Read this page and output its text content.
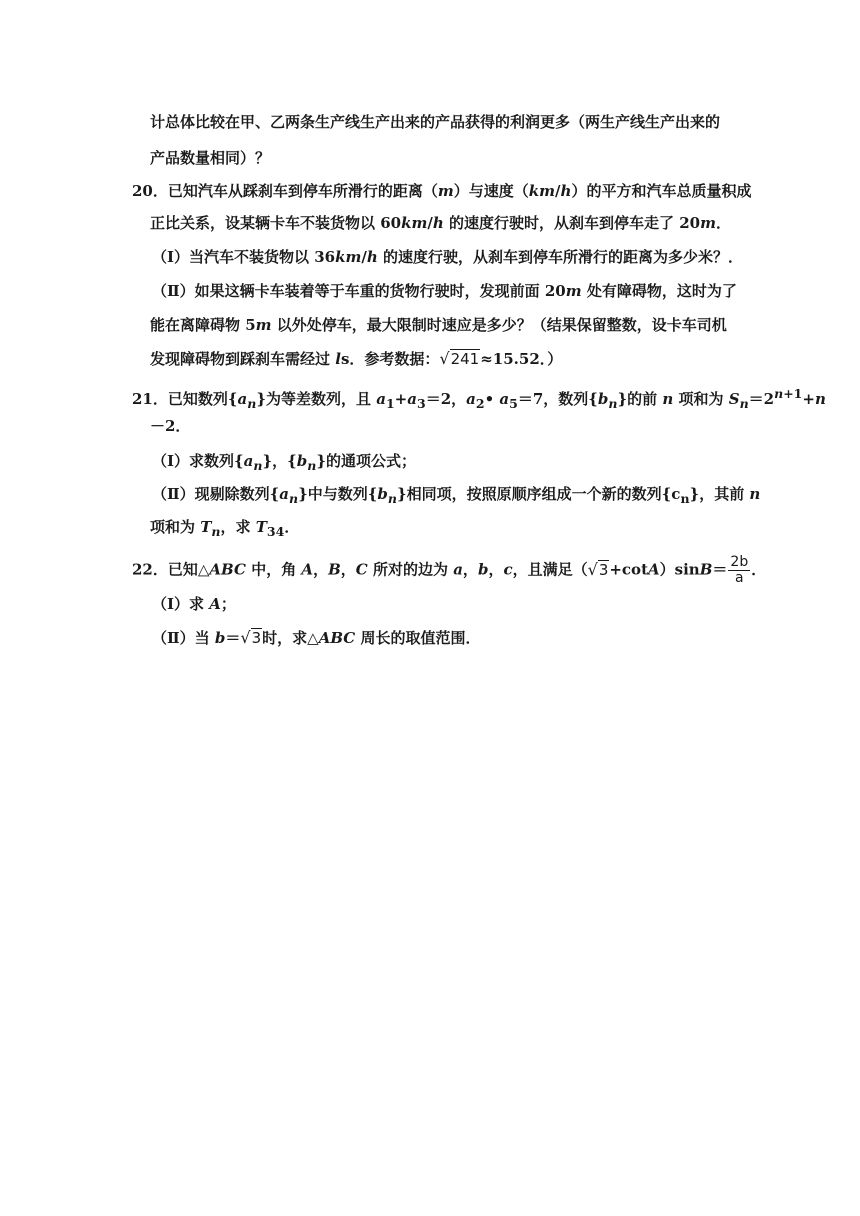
计总体比较在甲、乙两条生产线生产出来的产品获得的利润更多（两生产线生产出来的
产品数量相同）？
20．已知汽车从踩刹车到停车所滑行的距离（m）与速度（km/h）的平方和汽车总质量积成
正比关系，设某辆卡车不装货物以 60km/h 的速度行驶时，从刹车到停车走了 20m．
（Ⅰ）当汽车不装货物以 36km/h 的速度行驶，从刹车到停车所滑行的距离为多少米？．
（Ⅱ）如果这辆卡车装着等于车重的货物行驶时，发现前面 20m 处有障碍物，这时为了
能在离障碍物 5m 以外处停车，最大限制时速应是多少？（结果保留整数，设卡车司机
发现障碍物到踩刹车需经过 ls．参考数据：√241≈15.52．）
21．已知数列$\{a_n\}$为等差数列，且 $a_1+a_3=2$，$a_2•$ $a_5=7$，数列$\{b_n\}$的前 n 项和为 $S_n=2^{n+1}+n$
－2．
（Ⅰ）求数列$\{a_n\}$，$\{b_n\}$的通项公式；
（Ⅱ）现剔除数列$\{a_n\}$中与数列$\{b_n\}$相同项，按照原顺序组成一个新的数列$\{c_n\}$，其前 n
项和为 $T_n$，求 $T_{34}$．
22．已知△ABC 中，角 A，B，C 所对的边为 a，b，c，且满足$(√3+\cot A)\sin B= \frac{2b}{a}$ ．
（Ⅰ）求 A；
（Ⅱ）当 b＝√3时，求△ABC 周长的取值范围．
